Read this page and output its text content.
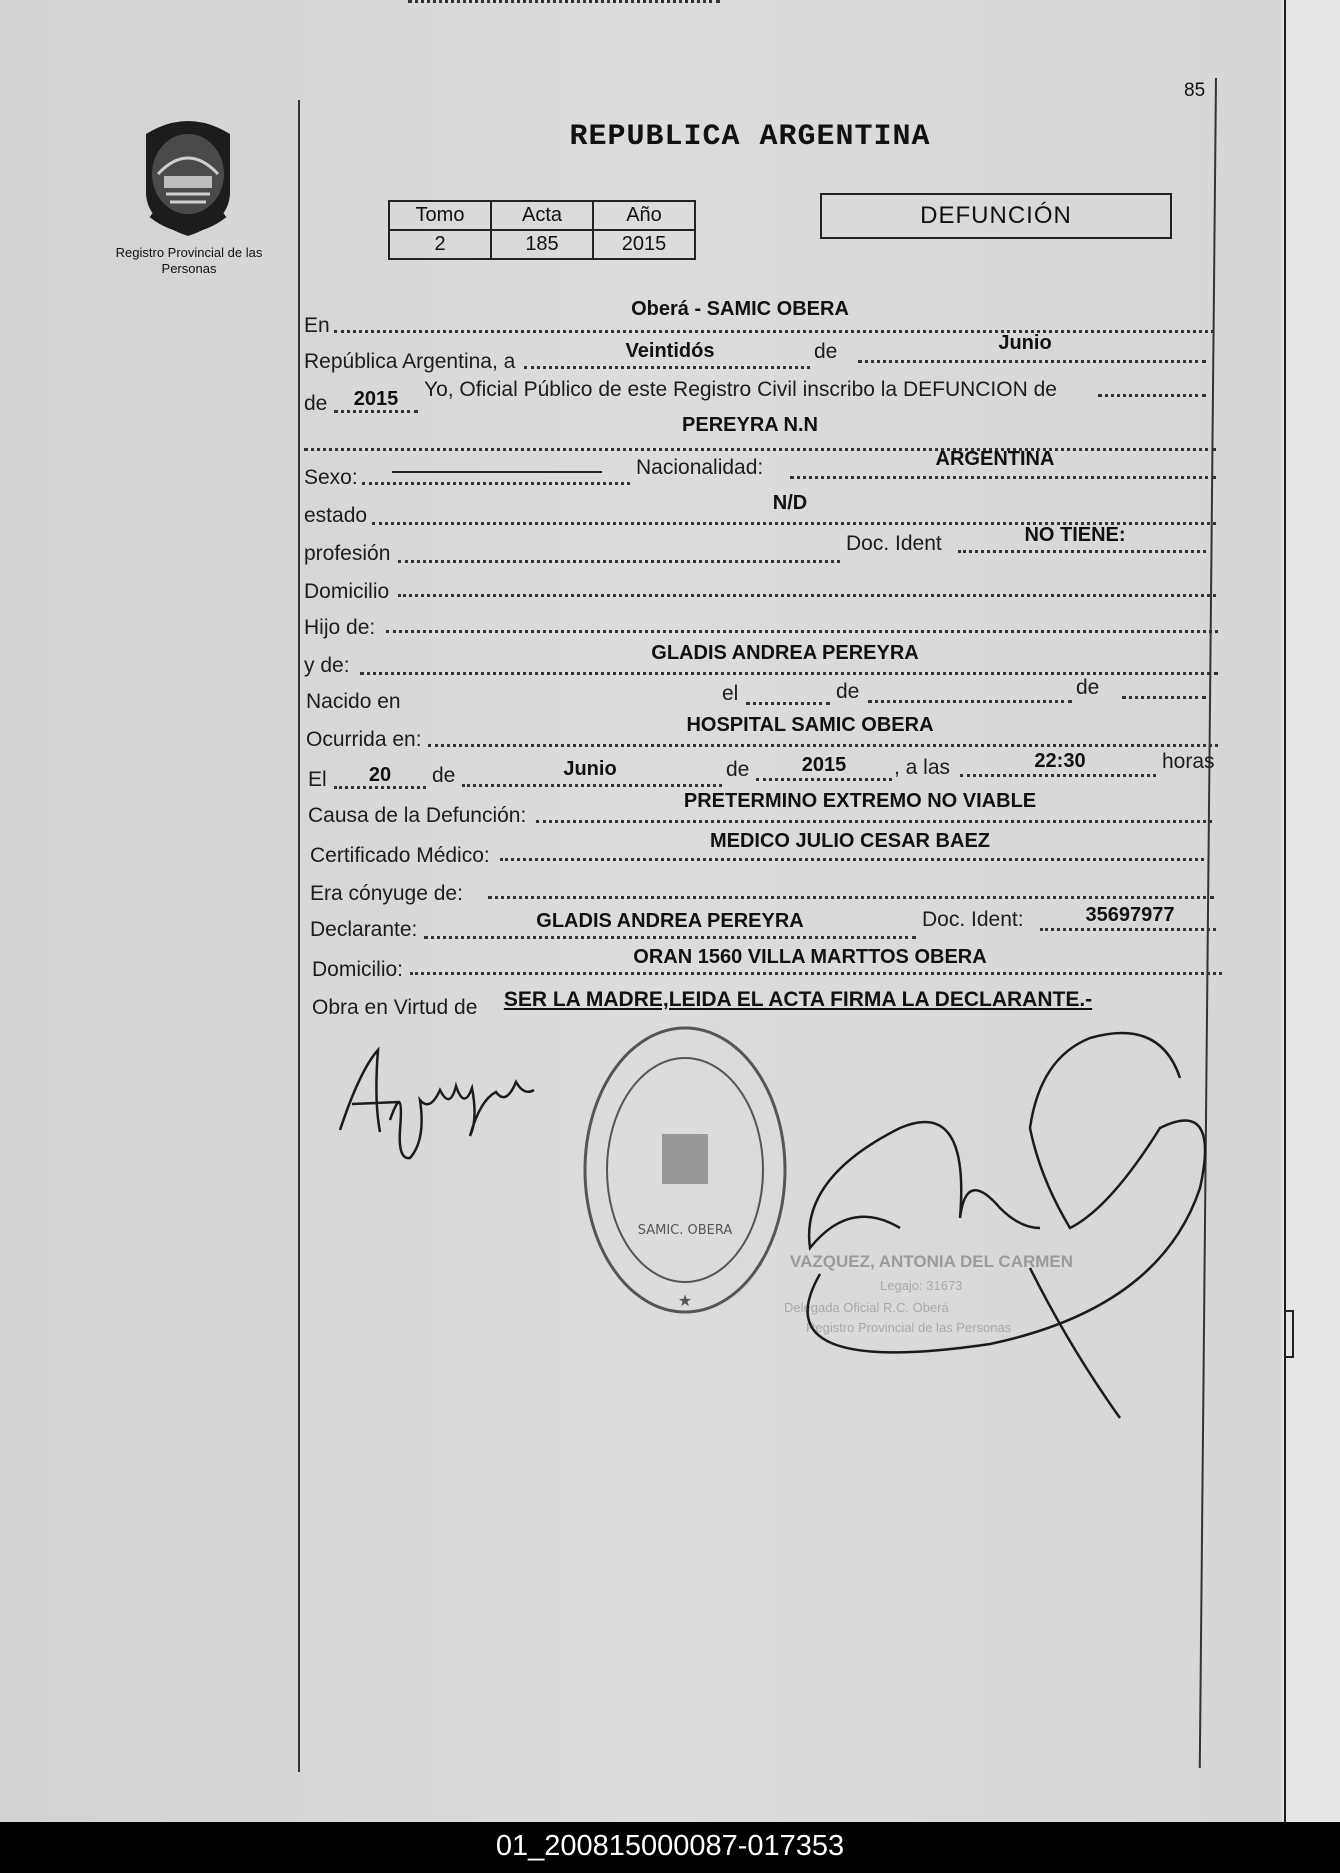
85
Registro Provincial de las Personas
REPUBLICA ARGENTINA
Tomo	Acta	Año
2	185	2015
DEFUNCIÓN
En
Oberá - SAMIC OBERA
República Argentina, a	Veintidós	de	Junio
de	2015	Yo, Oficial Público de este Registro Civil inscribo la DEFUNCION de
PEREYRA N.N
Sexo:	Nacionalidad:	ARGENTINA
estado
N/D
profesión	Doc. Ident	NO TIENE:
Domicilio
Hijo de:
y de:
GLADIS ANDREA PEREYRA
Nacido en	el	de	de
Ocurrida en:
HOSPITAL SAMIC OBERA
El	20	de	Junio	de	2015	, a las	22:30	horas
Causa de la Defunción:
PRETERMINO EXTREMO NO VIABLE
Certificado Médico:
MEDICO JULIO CESAR BAEZ
Era cónyuge de:
Declarante:	GLADIS ANDREA PEREYRA	Doc. Ident:	35697977
Domicilio:
ORAN 1560 VILLA MARTTOS OBERA
Obra en Virtud de	SER LA MADRE,LEIDA EL ACTA FIRMA LA DECLARANTE.-
SAMIC. OBERA
★
VAZQUEZ, ANTONIA DEL CARMEN
Legajo: 31673
Delegada Oficial R.C. Oberá
Registro Provincial de las Personas
01_200815000087-017353
